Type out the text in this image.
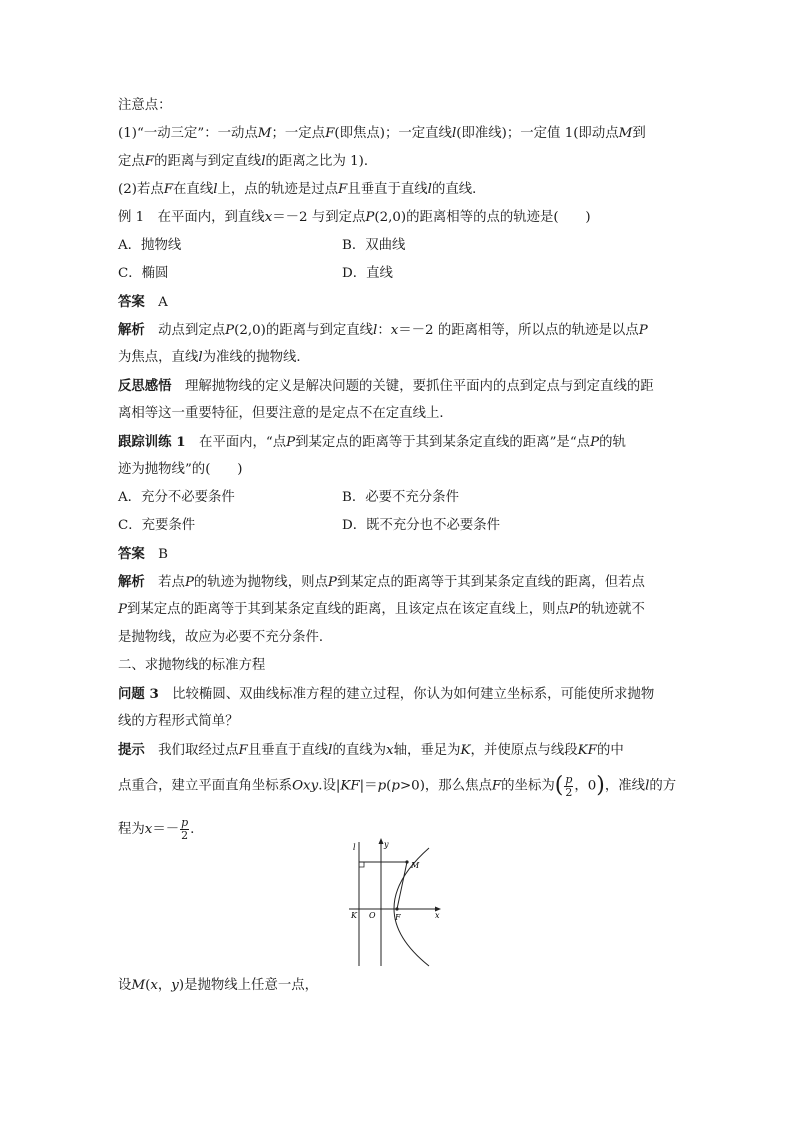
注意点：
(1)“一动三定”：一动点M；一定点F(即焦点)；一定直线l(即准线)；一定值 1(即动点M到
定点F的距离与到定直线l的距离之比为 1)．
(2)若点F在直线l上，点的轨迹是过点F且垂直于直线l的直线．
例 1　 在平面内，到直线x＝－2 与到定点P(2,0)的距离相等的点的轨迹是(　　)
A．抛物线	B．双曲线
C．椭圆	D．直线
答案　 A
解析　 动点到定点P(2,0)的距离与到定直线l：x＝－2 的距离相等，所以点的轨迹是以点P
为焦点，直线l为准线的抛物线．
反思感悟　 理解抛物线的定义是解决问题的关键，要抓住平面内的点到定点与到定直线的距
离相等这一重要特征，但要注意的是定点不在定直线上．
跟踪训练 1　 在平面内，“点P到某定点的距离等于其到某条定直线的距离”是“点P的轨
迹为抛物线”的(　　)
A．充分不必要条件	B．必要不充分条件
C．充要条件	D．既不充分也不必要条件
答案　 B
解析　 若点P的轨迹为抛物线，则点P到某定点的距离等于其到某条定直线的距离，但若点
P到某定点的距离等于其到某条定直线的距离，且该定点在该定直线上，则点P的轨迹就不
是抛物线，故应为必要不充分条件．
二、求抛物线的标准方程
问题 3　 比较椭圆、双曲线标准方程的建立过程，你认为如何建立坐标系，可能使所求抛物
线的方程形式简单？
提示　 我们取经过点F且垂直于直线l的直线为x轴，垂足为K，并使原点与线段KF的中
点重合，建立平面直角坐标系Oxy.设|KF|＝p(p>0)，那么焦点F的坐标为( $\frac{p}{2}$ ，0)，准线l的方
程为$x=- \frac{p}{2}$ .
l	y
M
K O F	x
设M(x，y)是抛物线上任意一点，
